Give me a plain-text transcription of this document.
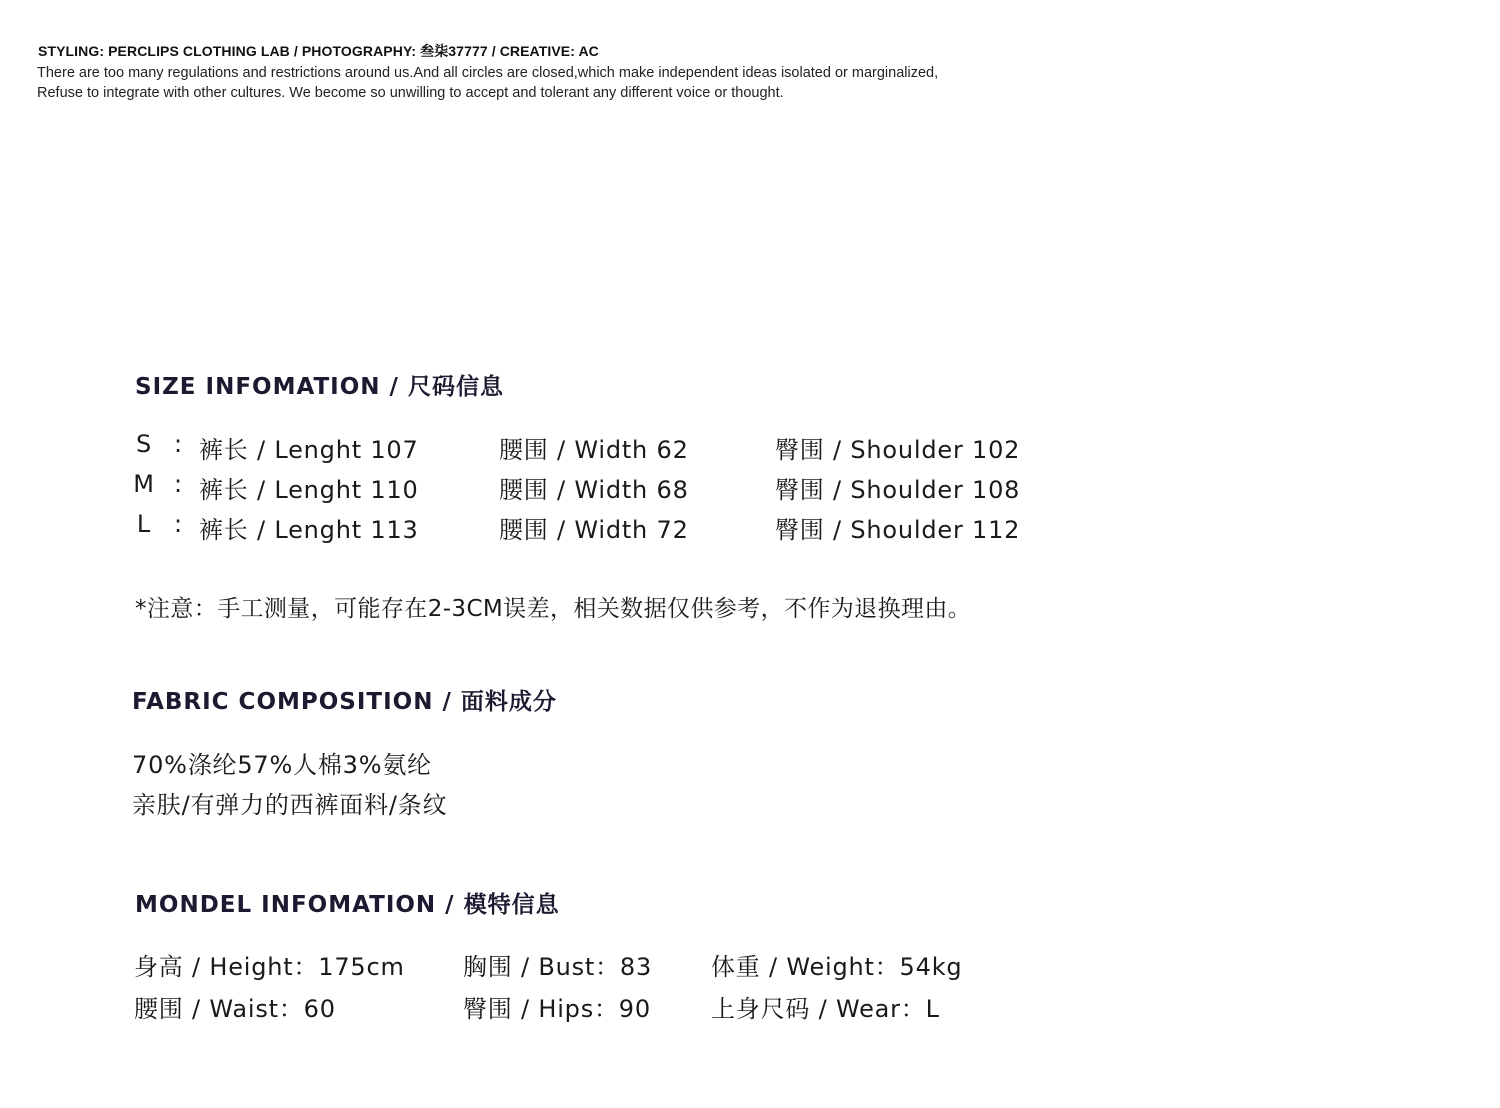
STYLING: PERCLIPS CLOTHING LAB / PHOTOGRAPHY: 叁柒37777 / CREATIVE: AC
There are too many regulations and restrictions around us.And all circles are closed,which make independent ideas isolated or marginalized,
Refuse to integrate with other cultures. We become so unwilling to accept and tolerant any different voice or thought.
SIZE INFOMATION / 尺码信息
S : 裤长 / Lenght 107	腰围 / Width 62	臀围 / Shoulder 102
M : 裤长 / Lenght 110	腰围 / Width 68	臀围 / Shoulder 108
L : 裤长 / Lenght 113	腰围 / Width 72	臀围 / Shoulder 112
*注意：手工测量，可能存在2-3CM误差，相关数据仅供参考，不作为退换理由。
FABRIC COMPOSITION / 面料成分
70%涤纶57%人棉3%氨纶
亲肤/有弹力的西裤面料/条纹
MONDEL INFOMATION / 模特信息
身高 / Height：175cm 胸围 / Bust：83 体重 / Weight：54kg
腰围 / Waist：60	臀围 / Hips：90	上身尺码 / Wear：L
